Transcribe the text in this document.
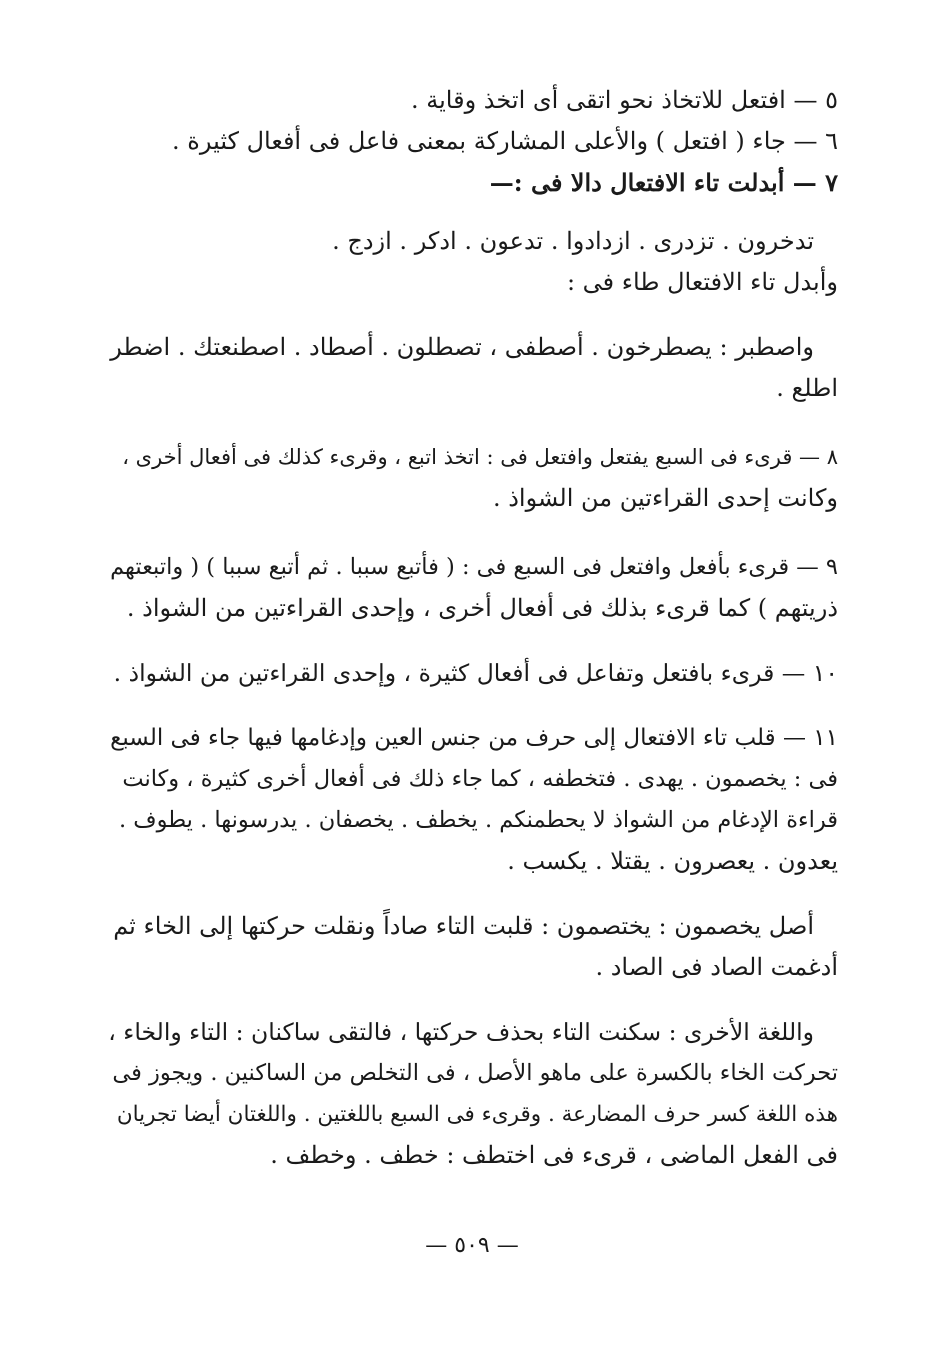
٥ — افتعل للاتخاذ نحو اتقى أى اتخذ وقاية .
٦ — جاء ( افتعل ) والأعلى المشاركة بمعنى فاعل فى أفعال كثيرة .
٧ — أبدلت تاء الافتعال دالا فى :—
تدخرون . تزدرى . ازدادوا . تدعون . ادكر . ازدج .
وأبدل تاء الافتعال طاء فى :
واصطبر : يصطرخون . أصطفى ، تصطلون . أصطاد . اصطنعتك . اضطر
اطلع .
٨ — قرىء فى السبع يفتعل وافتعل فى : اتخذ اتبع ، وقرىء كذلك فى أفعال أخرى ،
وكانت إحدى القراءتين من الشواذ .
٩ — قرىء بأفعل وافتعل فى السبع فى : ( فأتبع سببا . ثم أتبع سببا ) ( واتبعتهم
ذريتهم ) كما قرىء بذلك فى أفعال أخرى ، وإحدى القراءتين من الشواذ .
١٠ — قرىء بافتعل وتفاعل فى أفعال كثيرة ، وإحدى القراءتين من الشواذ .
١١ — قلب تاء الافتعال إلى حرف من جنس العين وإدغامها فيها جاء فى السبع
فى : يخصمون . يهدى . فتخطفه ، كما جاء ذلك فى أفعال أخرى كثيرة ، وكانت
قراءة الإدغام من الشواذ لا يحطمنكم . يخطف . يخصفان . يدرسونها . يطوف .
يعدون . يعصرون . يقتلا . يكسب .
أصل يخصمون : يختصمون : قلبت التاء صاداً ونقلت حركتها إلى الخاء ثم
أدغمت الصاد فى الصاد .
واللغة الأخرى : سكنت التاء بحذف حركتها ، فالتقى ساكنان : التاء والخاء ،
تحركت الخاء بالكسرة على ماهو الأصل ، فى التخلص من الساكنين . ويجوز فى
هذه اللغة كسر حرف المضارعة . وقرىء فى السبع باللغتين . واللغتان أيضا تجريان
فى الفعل الماضى ، قرىء فى اختطف : خطف . وخطف .
— ٥٠٩ —
